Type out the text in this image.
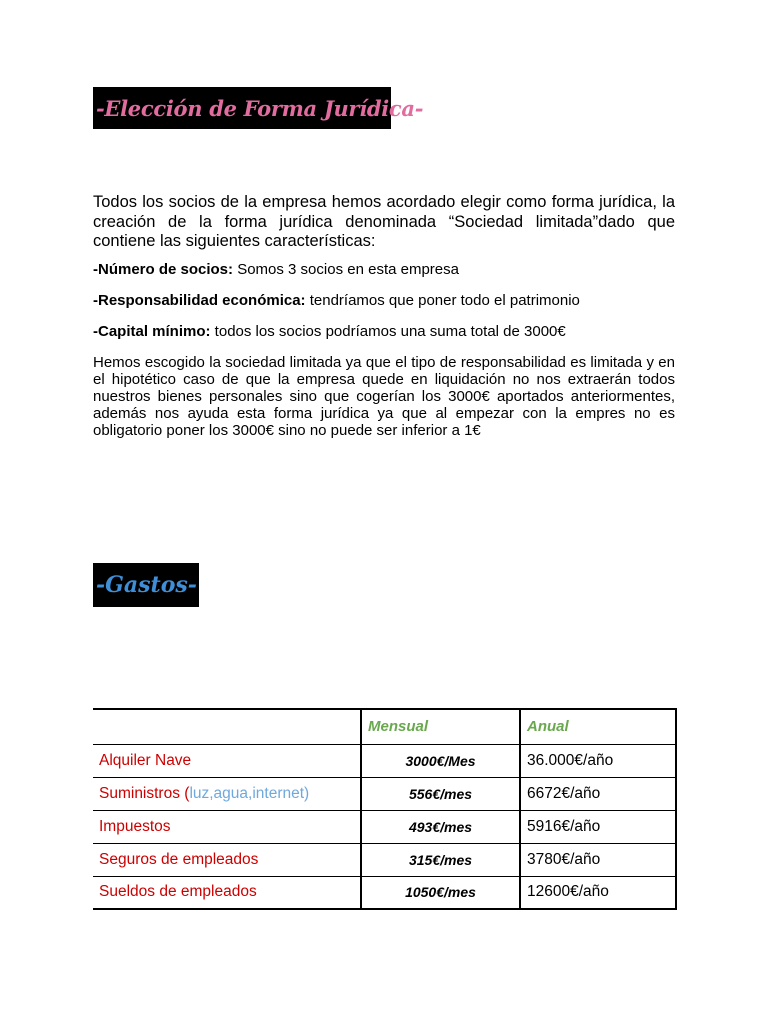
-Elección de Forma Jurídica-
Todos los socios de la empresa hemos acordado elegir como forma jurídica, la creación de la forma jurídica denominada “Sociedad limitada”dado que contiene las siguientes características:
-Número de socios: Somos 3 socios en esta empresa
-Responsabilidad económica: tendríamos que poner todo el patrimonio
-Capital mínimo: todos los socios podríamos una suma total de 3000€
Hemos escogido la sociedad limitada ya que el tipo de responsabilidad es limitada y en el hipotético caso de que la empresa quede en liquidación no nos extraerán todos nuestros bienes personales sino que cogerían los 3000€ aportados anteriormentes, además nos ayuda esta forma jurídica ya que al empezar con la empres no es obligatorio poner los 3000€ sino no puede ser inferior a 1€
-Gastos-
	Mensual	Anual
Alquiler Nave	3000€/Mes	36.000€/año
Suministros (luz,agua,internet)	556€/mes	6672€/año
Impuestos	493€/mes	5916€/año
Seguros de empleados	315€/mes	3780€/año
Sueldos de empleados	1050€/mes	12600€/año
